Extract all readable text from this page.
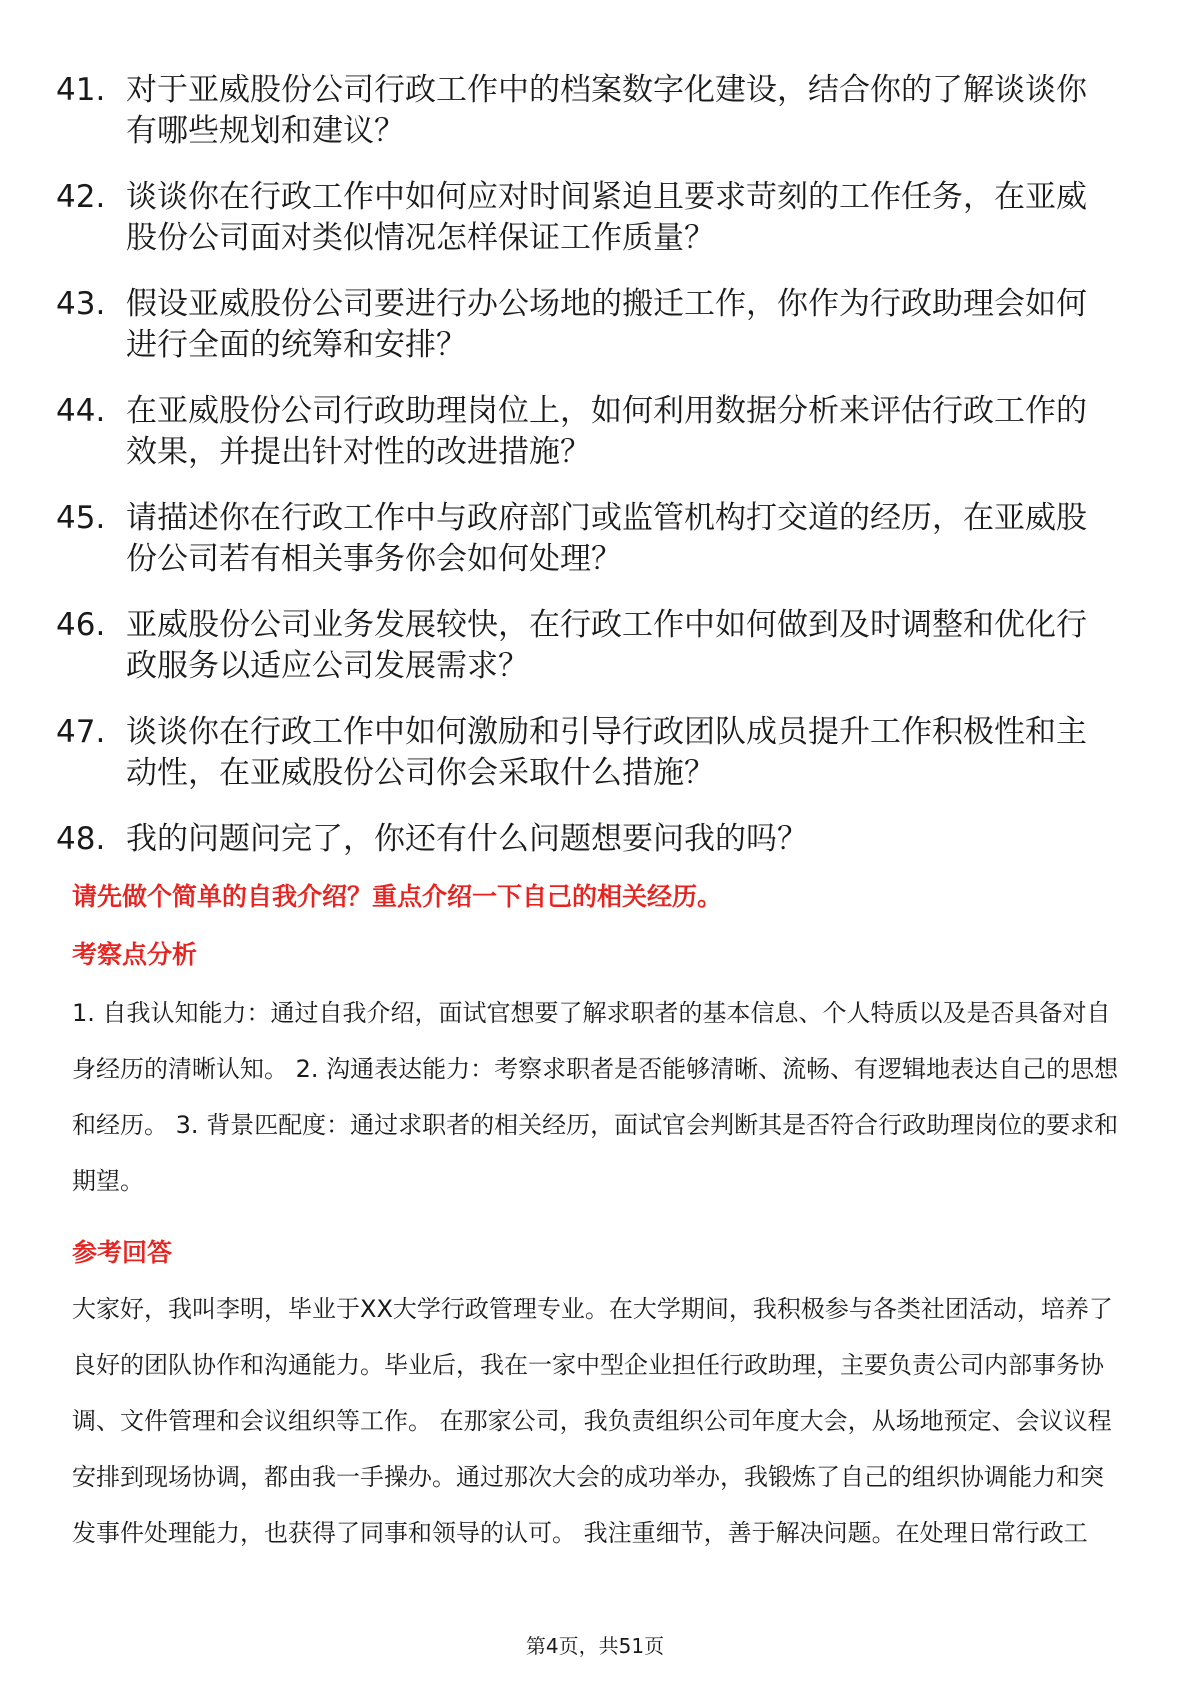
41. 对于亚威股份公司行政工作中的档案数字化建设，结合你的了解谈谈你有哪些规划和建议？
42. 谈谈你在行政工作中如何应对时间紧迫且要求苛刻的工作任务，在亚威股份公司面对类似情况怎样保证工作质量？
43. 假设亚威股份公司要进行办公场地的搬迁工作，你作为行政助理会如何进行全面的统筹和安排？
44. 在亚威股份公司行政助理岗位上，如何利用数据分析来评估行政工作的效果，并提出针对性的改进措施？
45. 请描述你在行政工作中与政府部门或监管机构打交道的经历，在亚威股份公司若有相关事务你会如何处理？
46. 亚威股份公司业务发展较快，在行政工作中如何做到及时调整和优化行政服务以适应公司发展需求？
47. 谈谈你在行政工作中如何激励和引导行政团队成员提升工作积极性和主动性，在亚威股份公司你会采取什么措施？
48. 我的问题问完了，你还有什么问题想要问我的吗？
请先做个简单的自我介绍？重点介绍一下自己的相关经历。
考察点分析
1. 自我认知能力：通过自我介绍，面试官想要了解求职者的基本信息、个人特质以及是否具备对自身经历的清晰认知。 2. 沟通表达能力：考察求职者是否能够清晰、流畅、有逻辑地表达自己的思想和经历。 3. 背景匹配度：通过求职者的相关经历，面试官会判断其是否符合行政助理岗位的要求和期望。
参考回答
大家好，我叫李明，毕业于XX大学行政管理专业。在大学期间，我积极参与各类社团活动，培养了良好的团队协作和沟通能力。毕业后，我在一家中型企业担任行政助理，主要负责公司内部事务协调、文件管理和会议组织等工作。 在那家公司，我负责组织公司年度大会，从场地预定、会议议程安排到现场协调，都由我一手操办。通过那次大会的成功举办，我锻炼了自己的组织协调能力和突发事件处理能力，也获得了同事和领导的认可。 我注重细节，善于解决问题。在处理日常行政工
第4页，共51页
